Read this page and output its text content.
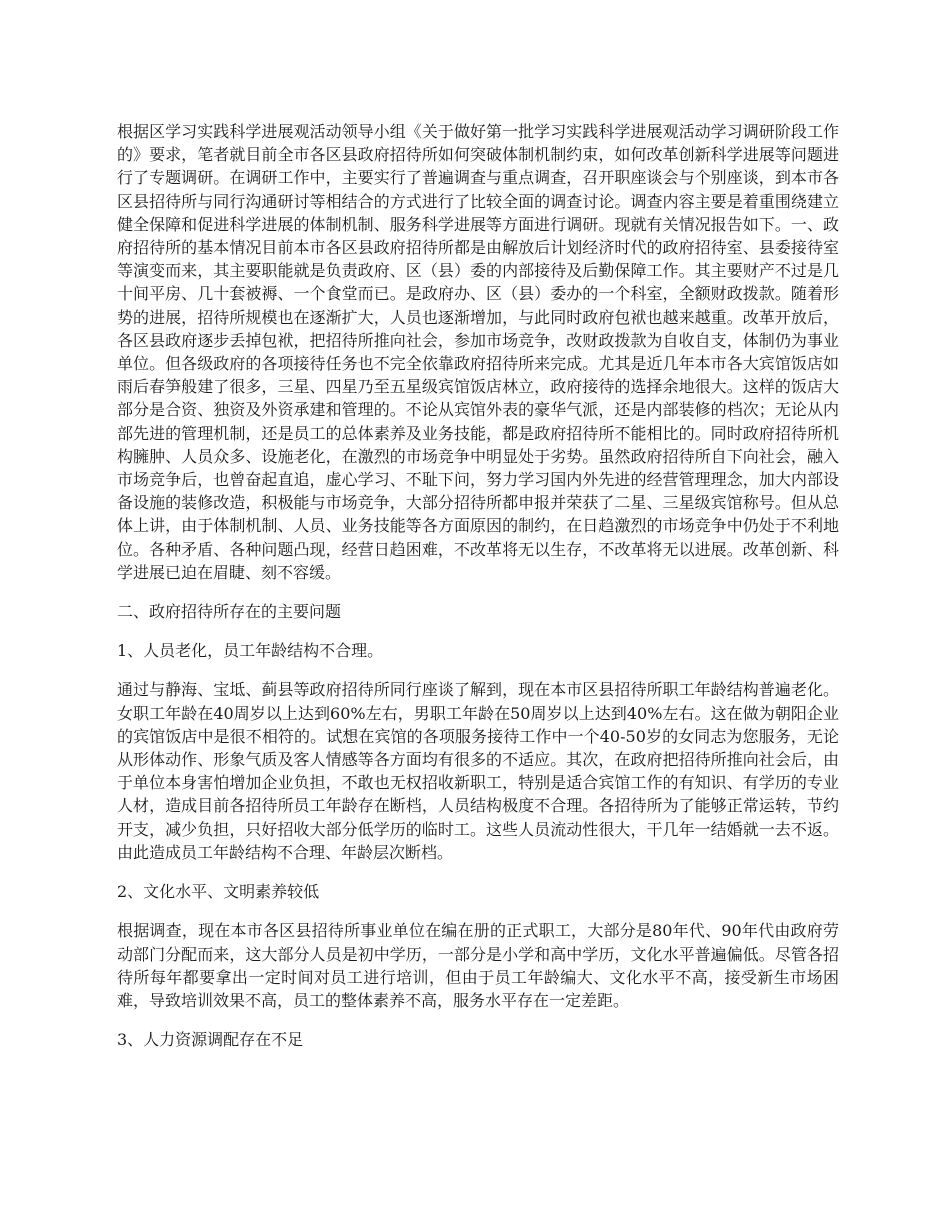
根据区学习实践科学进展观活动领导小组《关于做好第一批学习实践科学进展观活动学习调研阶段工作的》要求，笔者就目前全市各区县政府招待所如何突破体制机制约束，如何改革创新科学进展等问题进行了专题调研。在调研工作中，主要实行了普遍调查与重点调查，召开职座谈会与个别座谈，到本市各区县招待所与同行沟通研讨等相结合的方式进行了比较全面的调查讨论。调查内容主要是着重围绕建立健全保障和促进科学进展的体制机制、服务科学进展等方面进行调研。现就有关情况报告如下。一、政府招待所的基本情况目前本市各区县政府招待所都是由解放后计划经济时代的政府招待室、县委接待室等演变而来，其主要职能就是负责政府、区（县）委的内部接待及后勤保障工作。其主要财产不过是几十间平房、几十套被褥、一个食堂而已。是政府办、区（县）委办的一个科室，全额财政拨款。随着形势的进展，招待所规模也在逐渐扩大，人员也逐渐增加，与此同时政府包袱也越来越重。改革开放后，各区县政府逐步丢掉包袱，把招待所推向社会，参加市场竞争，改财政拨款为自收自支，体制仍为事业单位。但各级政府的各项接待任务也不完全依靠政府招待所来完成。尤其是近几年本市各大宾馆饭店如雨后春笋般建了很多，三星、四星乃至五星级宾馆饭店林立，政府接待的选择余地很大。这样的饭店大部分是合资、独资及外资承建和管理的。不论从宾馆外表的豪华气派，还是内部装修的档次；无论从内部先进的管理机制，还是员工的总体素养及业务技能，都是政府招待所不能相比的。同时政府招待所机构臃肿、人员众多、设施老化，在激烈的市场竞争中明显处于劣势。虽然政府招待所自下向社会，融入市场竞争后，也曾奋起直追，虚心学习、不耻下问，努力学习国内外先进的经营管理理念，加大内部设备设施的装修改造，积极能与市场竞争，大部分招待所都申报并荣获了二星、三星级宾馆称号。但从总体上讲，由于体制机制、人员、业务技能等各方面原因的制约，在日趋激烈的市场竞争中仍处于不利地位。各种矛盾、各种问题凸现，经营日趋困难，不改革将无以生存，不改革将无以进展。改革创新、科学进展已迫在眉睫、刻不容缓。

二、政府招待所存在的主要问题

1、人员老化，员工年龄结构不合理。

通过与静海、宝坻、蓟县等政府招待所同行座谈了解到，现在本市区县招待所职工年龄结构普遍老化。女职工年龄在40周岁以上达到60%左右，男职工年龄在50周岁以上达到40%左右。这在做为朝阳企业的宾馆饭店中是很不相符的。试想在宾馆的各项服务接待工作中一个40-50岁的女同志为您服务，无论从形体动作、形象气质及客人情感等各方面均有很多的不适应。其次，在政府把招待所推向社会后，由于单位本身害怕增加企业负担，不敢也无权招收新职工，特别是适合宾馆工作的有知识、有学历的专业人材，造成目前各招待所员工年龄存在断档，人员结构极度不合理。各招待所为了能够正常运转，节约开支，减少负担，只好招收大部分低学历的临时工。这些人员流动性很大，干几年一结婚就一去不返。由此造成员工年龄结构不合理、年龄层次断档。

2、文化水平、文明素养较低

根据调查，现在本市各区县招待所事业单位在编在册的正式职工，大部分是80年代、90年代由政府劳动部门分配而来，这大部分人员是初中学历，一部分是小学和高中学历，文化水平普遍偏低。尽管各招待所每年都要拿出一定时间对员工进行培训，但由于员工年龄编大、文化水平不高，接受新生市场困难，导致培训效果不高，员工的整体素养不高，服务水平存在一定差距。

3、人力资源调配存在不足
